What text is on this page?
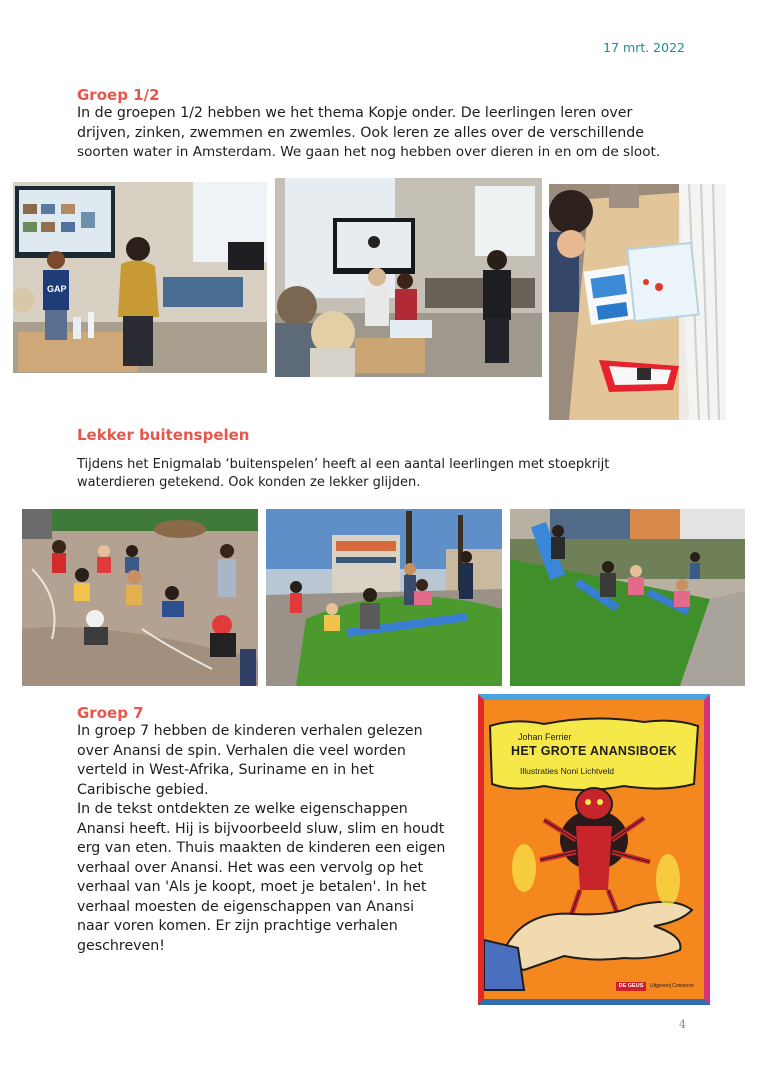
17 mrt. 2022
Groep 1/2
In de groepen 1/2 hebben we het thema Kopje onder. De leerlingen leren over
drijven, zinken, zwemmen en zwemles. Ook leren ze alles over de verschillende
soorten water in Amsterdam. We gaan het nog hebben over dieren in en om de sloot.
GAP
Lekker buitenspelen
Tijdens het Enigmalab ‘buitenspelen’ heeft al een aantal leerlingen met stoepkrijt
waterdieren getekend. Ook konden ze lekker glijden.
Groep 7
In groep 7 hebben de kinderen verhalen gelezen
over Anansi de spin. Verhalen die veel worden
verteld in West-Afrika, Suriname en in het
Caribische gebied.
In de tekst ontdekten ze welke eigenschappen
Anansi heeft. Hij is bijvoorbeeld sluw, slim en houdt
erg van eten. Thuis maakten de kinderen een eigen
verhaal over Anansi. Het was een vervolg op het
verhaal van 'Als je koopt, moet je betalen'. In het
verhaal moesten de eigenschappen van Anansi
naar voren komen. Er zijn prachtige verhalen
geschreven!
Johan Ferrier
HET GROTE ANANSIBOEK
Illustraties Noni Lichtveld
DE GEUS	Uitgeverij Conserve
4
